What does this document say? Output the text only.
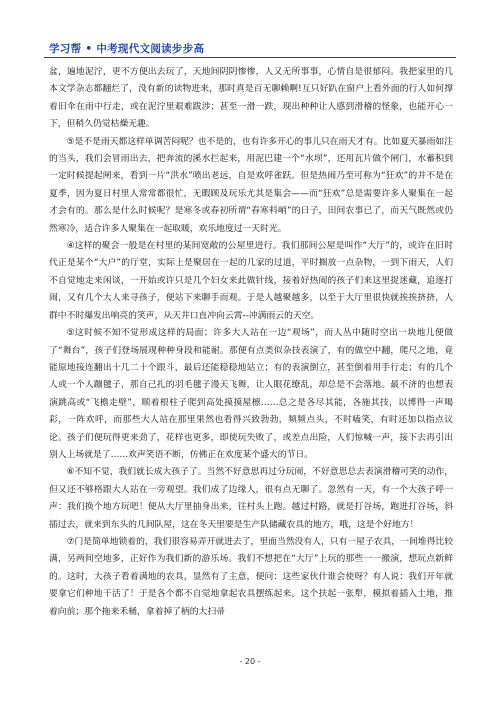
学习帮 • 中考现代文阅读步步高

盆，遍地泥泞，更不方便出去玩了，天地间阴阴惨惨，人又无所事事，心情自是很郁闷。我把家里的几本文学杂志都翻烂了，没有新的读物进来，那时真是百无聊赖啊!互只好趴在窗户上看外面的行人如何撑着旧伞在雨中行走，或在泥泞里艰难跋涉；甚至一滑一跌，现出种种让人感到滑稽的怪象，也能开心一下，但稍久仍觉枯燥无趣。

⑤是不是雨天都这样单调苦闷呢？也不是的，也有许多开心的事儿只在雨天才有。比如夏天暴雨如注的当头，我们会冒雨出去，把奔流的溪水拦起来，用泥巴建一个“水坝”，还用瓦片做个闸门，水蓄积到一定时候提起闸来，看到一片“洪水”喷出老远，自是欢呼雀跃。但是热闹乃至可称为“狂欢”的并不是在夏季，因为夏日村里人常常都很忙，无暇顾及玩乐尤其是集会——而“狂欢”总是需要许多人聚集在一起才会有的。那么是什么时候呢？是寒冬或春初所谓“春寒料峭”的日子，田间农事已了，而天气既然或仍然寒冷，适合许多人聚集在一起取暖，欢乐地度过一天时光。

④这样的聚会一般是在村里的某间宽敞的公屋里进行。我们那间公屋是叫作“大厅”的，或许在旧时代正是某个“大户”的厅堂，实际上是聚居在一起的几家的过道，平时搁放一点杂物，一到下雨天，人们不自觉地走来闲谈，一开始或许只是几个妇女来此做针线，接着好热闹的孩子们来这里捉迷藏，追逐打闹，又有几个大人来寻孩子，便站下来聊手而观。于是人越聚越多，以至于大厅里很快就挨挨挤挤，人群中不时爆发出响亮的笑声，从天井口直冲向云霄--冲满雨云的天空。

⑤这时候不知不觉形成这样的局面；许多大人站在一边“观场”，而人丛中随时空出一块地儿便做了“舞台”，孩子们登场展现种种身段和能耐。那便有点类似杂技表演了，有的做空中翻，爬尺之地，竟能原地接连翻出十几二十个跟斗，最后还能稳稳地站立；有的表演倒立，甚至倒着用手行走；有的几个人或一个人蹦毽子，那自己扎的羽毛毽子漫天飞舞，让人眼花缭乱，却总是不会落地。最不济的也想表演跳高或“飞檐走壁”，顺着根柱子爬到高处摸摸屋檩……总之是各尽其能，各施其技，以博得一声喝彩，一阵欢呼，而那些大人站在那里果然也看得兴致勃勃，频频点头，不时嗑笑，有时还加以指点议论。孩子们便玩得更来劲了，花样也更多，即使玩失败了，或差点出险，人们惊喊一声，接下去再引出别人上场就是了……欢声笑语不断，仿佛正在欢度某个盛大的节日。

⑥不知不觉，我们就长成大孩子了。当然不好意思再过分玩闹，不好意思总去表演滑稽可笑的动作，但又还不够格跟大人站在一旁观望。我们成了边缘人，很有点无聊了。忽然有一天，有一个大孩子呼一声：我们换个地方玩吧！便从大厅里抽身出来，往村头上跑。越过村路，就是打谷场，跑进打谷场，斜插过去，就来到东头的几间队屋，这在冬天里要是生产队储藏农具的地方，哦，这是个好地方！

⑦门是简单地锁着的，我们很容易弄开就进去了，里面当然没有人，只有一屋子农具，一间堆得比较满，另两间空地多，正好作为我们新的游乐场。我们不想把在“大厅”上玩的那些一一搬演，想玩点新鲜的。这时，大孩子看着满地的农具，显然有了主意，便问：这些家伙什谁会使呀？有人说：我们开年就要拿它们种地干活了！于是各个都不自觉地拿起农具摆练起来。这个扶起一张犁，模拟着插入土地，推着向前；那个拖来禾桶，拿着掉了柄的大扫帚

- 20 -
